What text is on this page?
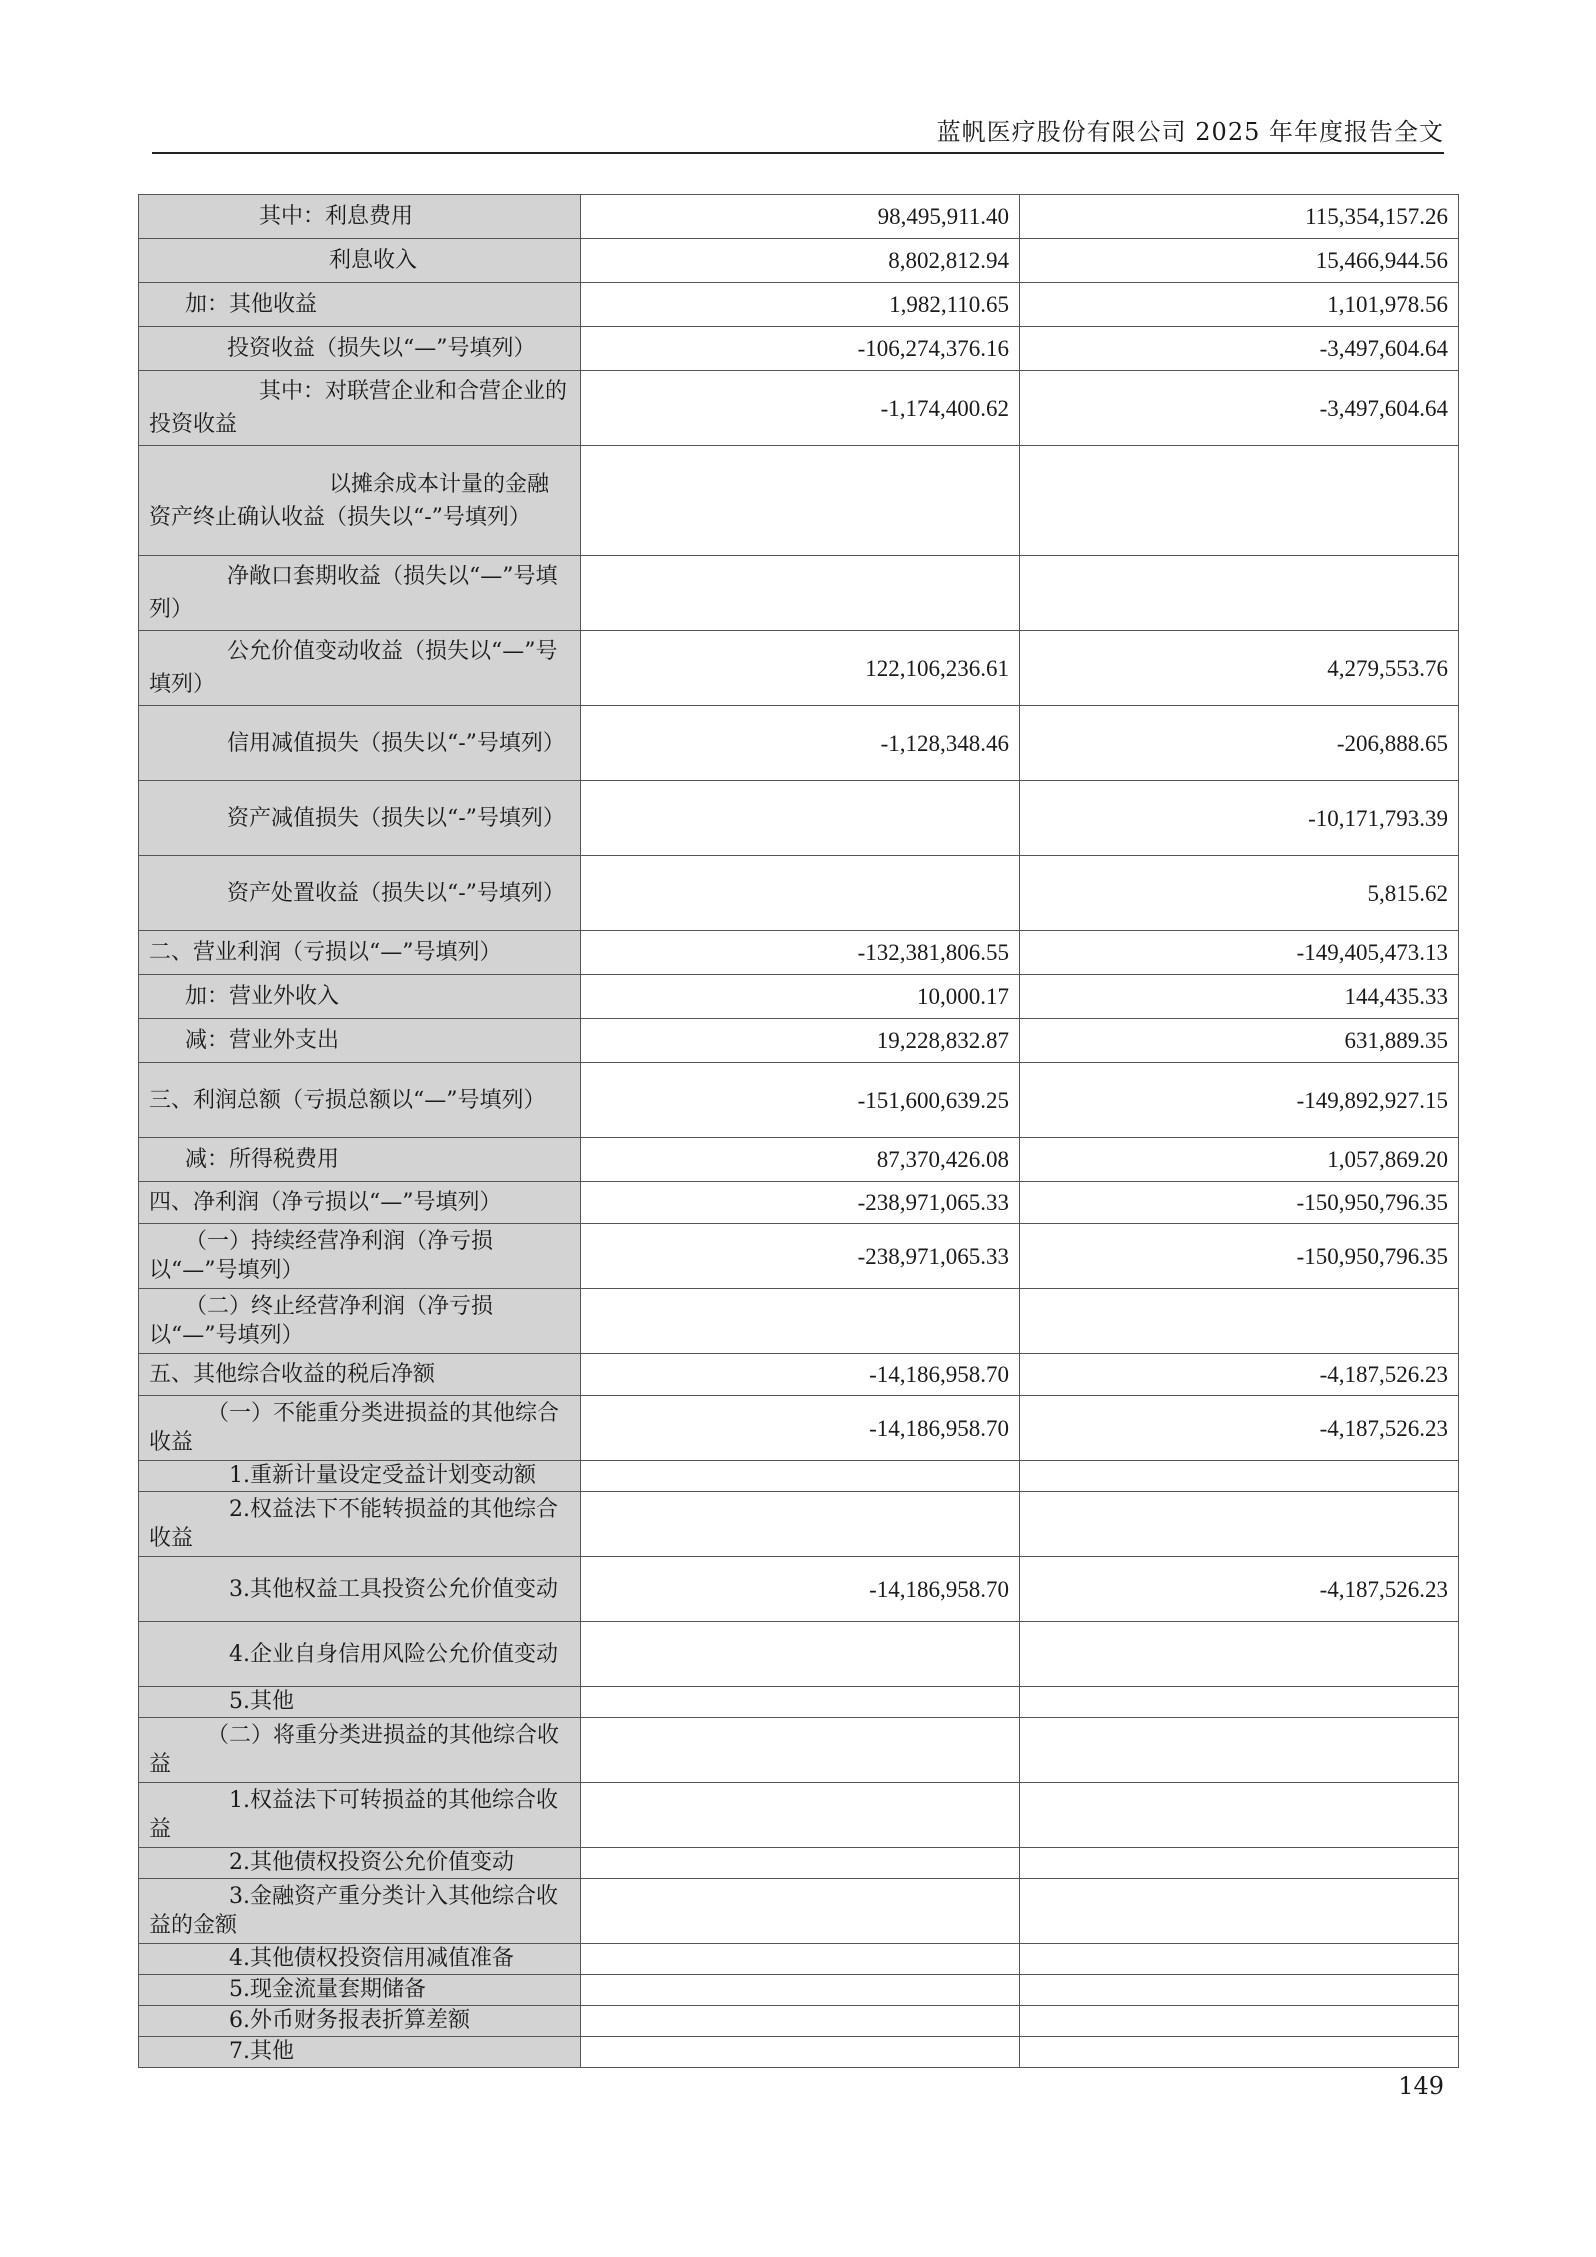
蓝帆医疗股份有限公司 2025 年年度报告全文
其中：利息费用	98,495,911.40	115,354,157.26
利息收入	8,802,812.94	15,466,944.56
加：其他收益	1,982,110.65	1,101,978.56
投资收益（损失以“—”号填列）	-106,274,376.16	-3,497,604.64
其中：对联营企业和合营企业的投资收益	-1,174,400.62	-3,497,604.64
以摊余成本计量的金融资产终止确认收益（损失以“-”号填列）		
净敞口套期收益（损失以“—”号填列）		
公允价值变动收益（损失以“—”号填列）	122,106,236.61	4,279,553.76
信用减值损失（损失以“-”号填列）	-1,128,348.46	-206,888.65
资产减值损失（损失以“-”号填列）		-10,171,793.39
资产处置收益（损失以“-”号填列）		5,815.62
二、营业利润（亏损以“—”号填列）	-132,381,806.55	-149,405,473.13
加：营业外收入	10,000.17	144,435.33
减：营业外支出	19,228,832.87	631,889.35
三、利润总额（亏损总额以“—”号填列）	-151,600,639.25	-149,892,927.15
减：所得税费用	87,370,426.08	1,057,869.20
四、净利润（净亏损以“—”号填列）	-238,971,065.33	-150,950,796.35
（一）持续经营净利润（净亏损以“—”号填列）	-238,971,065.33	-150,950,796.35
（二）终止经营净利润（净亏损以“—”号填列）		
五、其他综合收益的税后净额	-14,186,958.70	-4,187,526.23
（一）不能重分类进损益的其他综合收益	-14,186,958.70	-4,187,526.23
1.重新计量设定受益计划变动额		
2.权益法下不能转损益的其他综合收益		
3.其他权益工具投资公允价值变动	-14,186,958.70	-4,187,526.23
4.企业自身信用风险公允价值变动		
5.其他		
（二）将重分类进损益的其他综合收益		
1.权益法下可转损益的其他综合收益		
2.其他债权投资公允价值变动		
3.金融资产重分类计入其他综合收益的金额		
4.其他债权投资信用减值准备		
5.现金流量套期储备		
6.外币财务报表折算差额		
7.其他		
149
